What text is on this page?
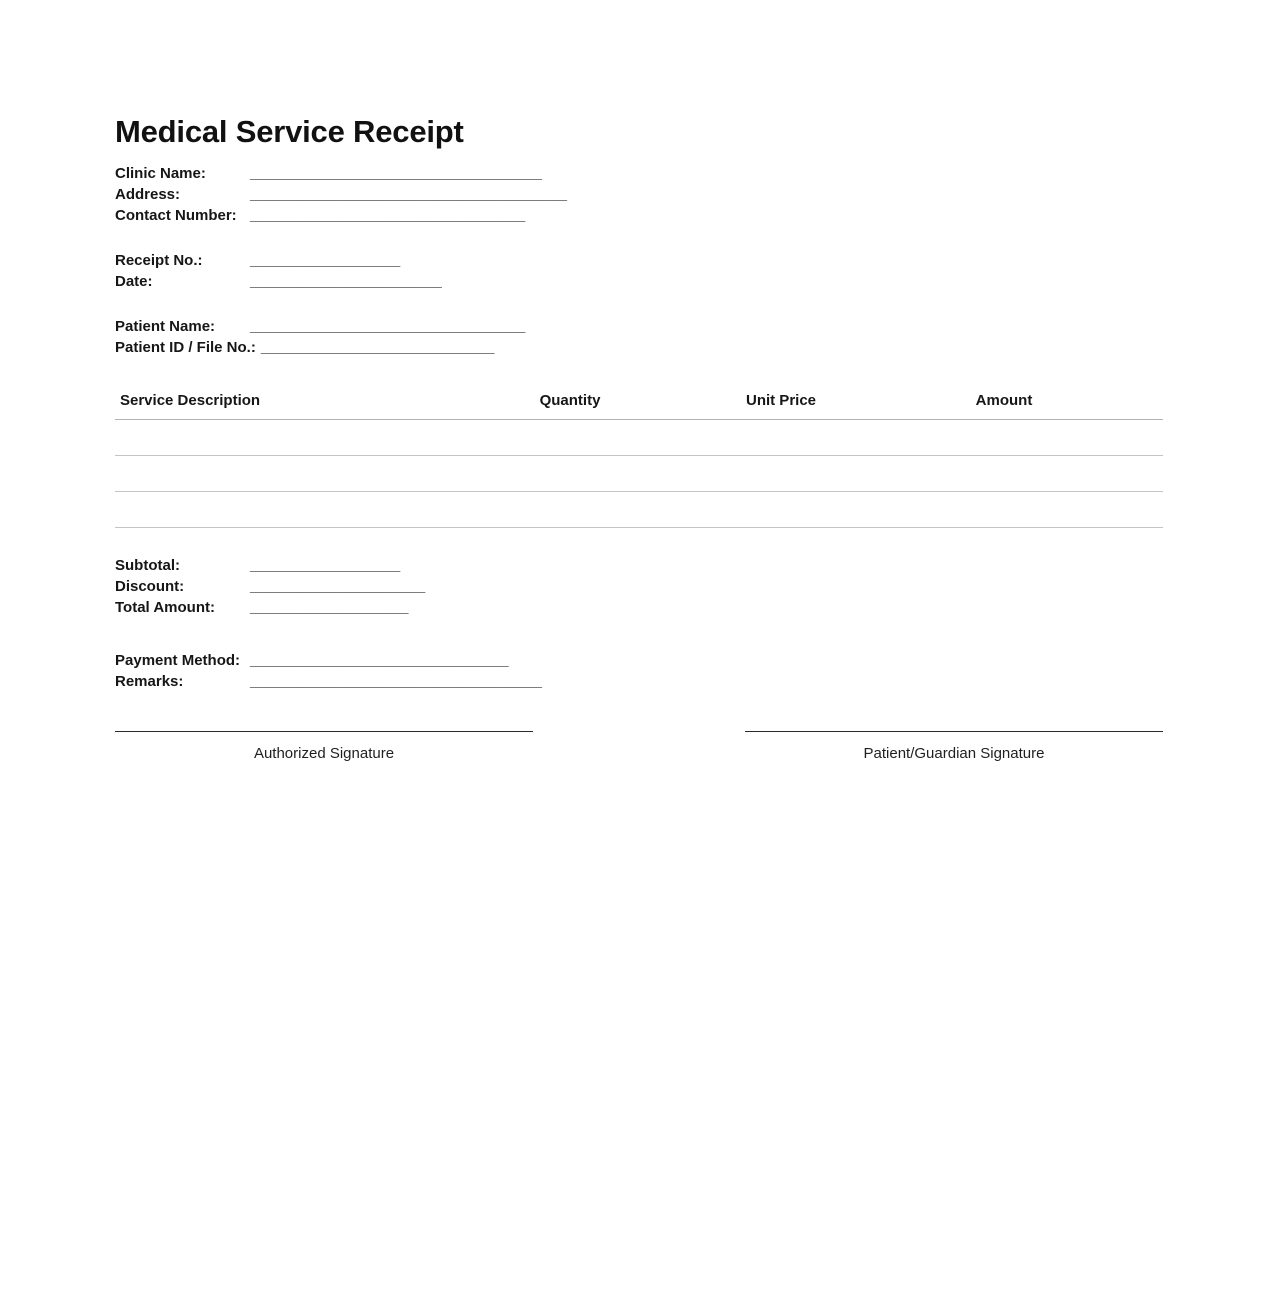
Medical Service Receipt
Clinic Name:	___________________________________
Address:	______________________________________
Contact Number: _________________________________
Receipt No.:	__________________
Date:	_______________________
Patient Name: _________________________________
Patient ID / File No.: ____________________________
Service Description	Quantity	Unit Price	Amount
Subtotal:	__________________
Discount:	_____________________
Total Amount: ___________________
Payment Method: _______________________________
Remarks:	___________________________________
Authorized Signature	Patient/Guardian Signature
